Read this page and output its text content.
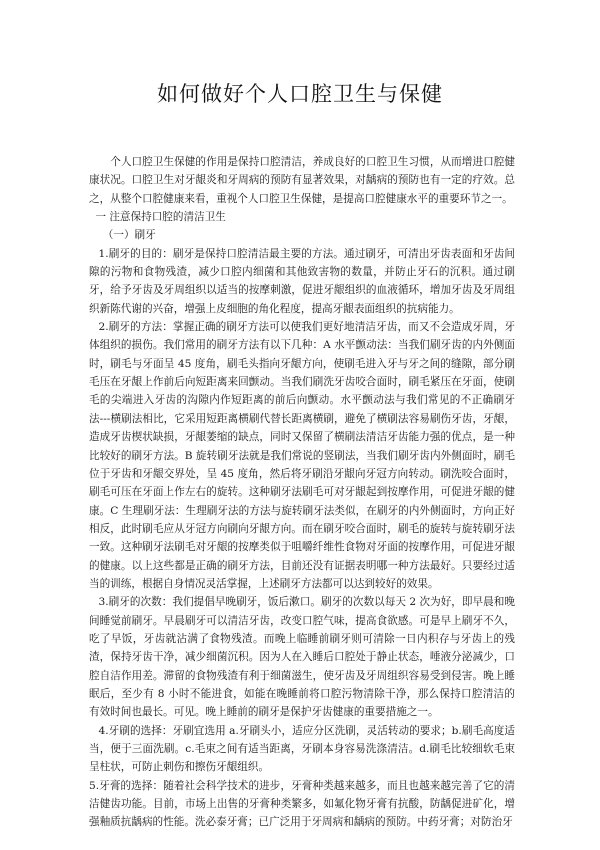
如何做好个人口腔卫生与保健

个人口腔卫生保健的作用是保持口腔清洁，养成良好的口腔卫生习惯，从而增进口腔健康状况。口腔卫生对牙龈炎和牙周病的预防有显著效果，对龋病的预防也有一定的疗效。总之，从整个口腔健康来看，重视个人口腔卫生保健，是提高口腔健康水平的重要环节之一。

一 注意保持口腔的清洁卫生

（一）刷牙

1.刷牙的目的：刷牙是保持口腔清洁最主要的方法。通过刷牙，可清出牙齿表面和牙齿间隙的污物和食物残渣，减少口腔内细菌和其他致害物的数量，并防止牙石的沉积。通过刷牙，给予牙齿及牙周组织以适当的按摩刺激，促进牙龈组织的血液循环，增加牙齿及牙周组织新陈代谢的兴奋，增强上皮细胞的角化程度，提高牙龈表面组织的抗病能力。

2.刷牙的方法：掌握正确的刷牙方法可以使我们更好地清洁牙齿，而又不会造成牙周，牙体组织的损伤。我们常用的刷牙方法有以下几种：A 水平颤动法：当我们刷牙齿的内外侧面时，刷毛与牙面呈 45 度角，刷毛头指向牙龈方向，使刷毛进入牙与牙之间的缝隙，部分刷毛压在牙龈上作前后向短距离来回颤动。当我们刷洗牙齿咬合面时，刷毛紧压在牙面，使刷毛的尖端进入牙齿的沟隙内作短距离的前后向颤动。水平颤动法与我们常见的不正确刷牙法---横刷法相比，它采用短距离横刷代替长距离横刷，避免了横刷法容易刷伤牙齿，牙龈，造成牙齿楔状缺损，牙龈萎缩的缺点，同时又保留了横刷法清洁牙齿能力强的优点，是一种比较好的刷牙方法。B 旋转刷牙法就是我们常说的竖刷法，当我们刷牙齿内外侧面时，刷毛位于牙齿和牙龈交界处，呈 45 度角，然后将牙刷沿牙龈向牙冠方向转动。刷洗咬合面时，刷毛可压在牙面上作左右的旋转。这种刷牙法刷毛可对牙龈起到按摩作用，可促进牙龈的健康。C 生理刷牙法：生理刷牙法的方法与旋转刷牙法类似，在刷牙的内外侧面时，方向正好相反，此时刷毛应从牙冠方向刷向牙龈方向。而在刷牙咬合面时，刷毛的旋转与旋转刷牙法一致。这种刷牙法刷毛对牙龈的按摩类似于咀嚼纤维性食物对牙面的按摩作用，可促进牙龈的健康。以上这些都是正确的刷牙方法，目前还没有证据表明哪一种方法最好。只要经过适当的训练，根据自身情况灵活掌握，上述刷牙方法都可以达到较好的效果。

3.刷牙的次数：我们提倡早晚刷牙，饭后漱口。刷牙的次数以每天 2 次为好，即早晨和晚间睡觉前刷牙。早晨刷牙可以清洁牙齿，改变口腔气味，提高食欲感。可是早上刷牙不久，吃了早饭，牙齿就沾满了食物残渣。而晚上临睡前刷牙则可清除一日内积存与牙齿上的残渣，保持牙齿干净，减少细菌沉积。因为人在入睡后口腔处于静止状态，唾液分泌减少，口腔自洁作用差。滞留的食物残渣有利于细菌滋生，使牙齿及牙周组织容易受到侵害。晚上睡眠后，至少有 8 小时不能进食，如能在晚睡前将口腔污物清除干净，那么保持口腔清洁的有效时间也最长。可见。晚上睡前的刷牙是保护牙齿健康的重要措施之一。

4.牙刷的选择：牙刷宜选用 a.牙刷头小，适应分区洗刷，灵活转动的要求；b.刷毛高度适当，便于三面洗刷。c.毛束之间有适当距离，牙刷本身容易洗涤清洁。d.刷毛比较细软毛束呈柱状，可防止刺伤和擦伤牙龈组织。

5.牙膏的选择：随着社会科学技术的进步，牙膏种类越来越多，而且也越来越完善了它的清洁健齿功能。目前，市场上出售的牙膏种类繁多，如氟化物牙膏有抗酸，防龋促进矿化，增强釉质抗龋病的性能。洗必泰牙膏；已广泛用于牙周病和龋病的预防。中药牙膏；对防治牙
